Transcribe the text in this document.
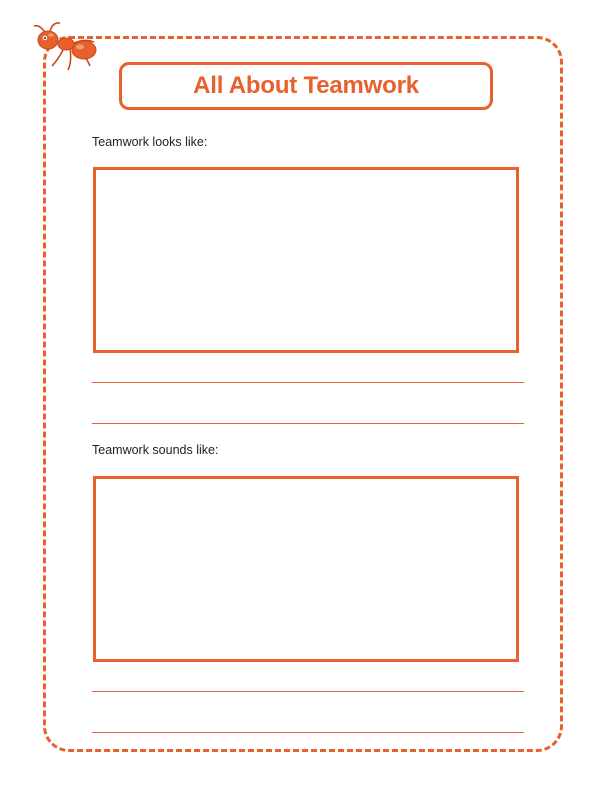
All About Teamwork
Teamwork looks like:
Teamwork sounds like:
